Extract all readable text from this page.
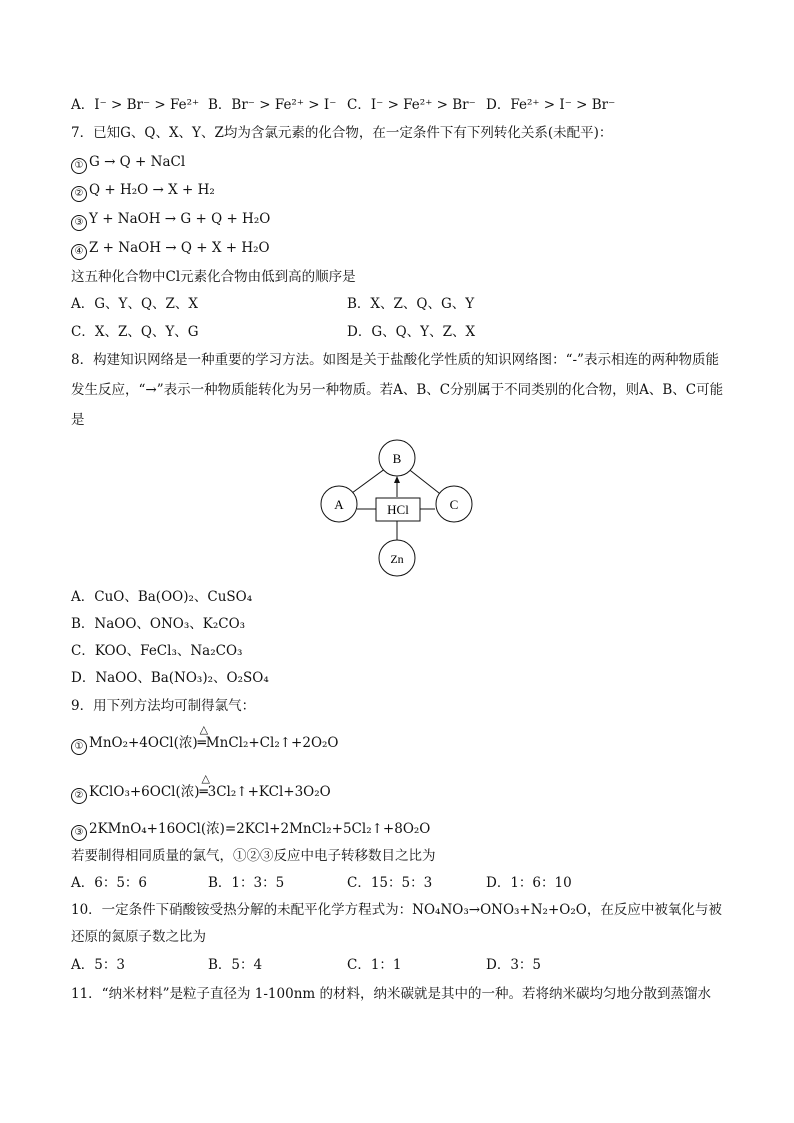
A．I⁻ > Br⁻ > Fe²⁺ B．Br⁻ > Fe²⁺ > I⁻ C．I⁻ > Fe²⁺ > Br⁻ D．Fe²⁺ > I⁻ > Br⁻
7．已知G、Q、X、Y、Z均为含氯元素的化合物，在一定条件下有下列转化关系(未配平)：
① G → Q + NaCl
② Q + H₂O → X + H₂
③ Y + NaOH → G + Q + H₂O
④ Z + NaOH → Q + X + H₂O
这五种化合物中Cl元素化合物由低到高的顺序是
A．G、Y、Q、Z、X	B．X、Z、Q、G、Y
C．X、Z、Q、Y、G	D．G、Q、Y、Z、X
8．构建知识网络是一种重要的学习方法。如图是关于盐酸化学性质的知识网络图：“-”表示相连的两种物质能发生反应，“→”表示一种物质能转化为另一种物质。若A、B、C分别属于不同类别的化合物，则A、B、C可能是
B
A	C
HCl
Zn
A．CuO、Ba(OO)₂、CuSO₄
B．NaOO、ONO₃、K₂CO₃
C．KOO、FeCl₃、Na₂CO₃
D．NaOO、Ba(NO₃)₂、O₂SO₄
9．用下列方法均可制得氯气：
① MnO₂+4OCl(浓)
△
═MnCl₂+Cl₂↑+2O₂O
② KClO₃+6OCl(浓)
△
═3Cl₂↑+KCl+3O₂O
③ 2KMnO₄+16OCl(浓)=2KCl+2MnCl₂+5Cl₂↑+8O₂O
若要制得相同质量的氯气，①②③反应中电子转移数目之比为
A．6：5：6	B．1：3：5	C．15：5：3	D．1：6：10
10．一定条件下硝酸铵受热分解的未配平化学方程式为：NO₄NO₃→ONO₃+N₂+O₂O，在反应中被氧化与被还原的氮原子数之比为
A．5：3	B．5：4	C．1：1	D．3：5
11．“纳米材料”是粒子直径为 1-100nm 的材料，纳米碳就是其中的一种。若将纳米碳均匀地分散到蒸馏水
